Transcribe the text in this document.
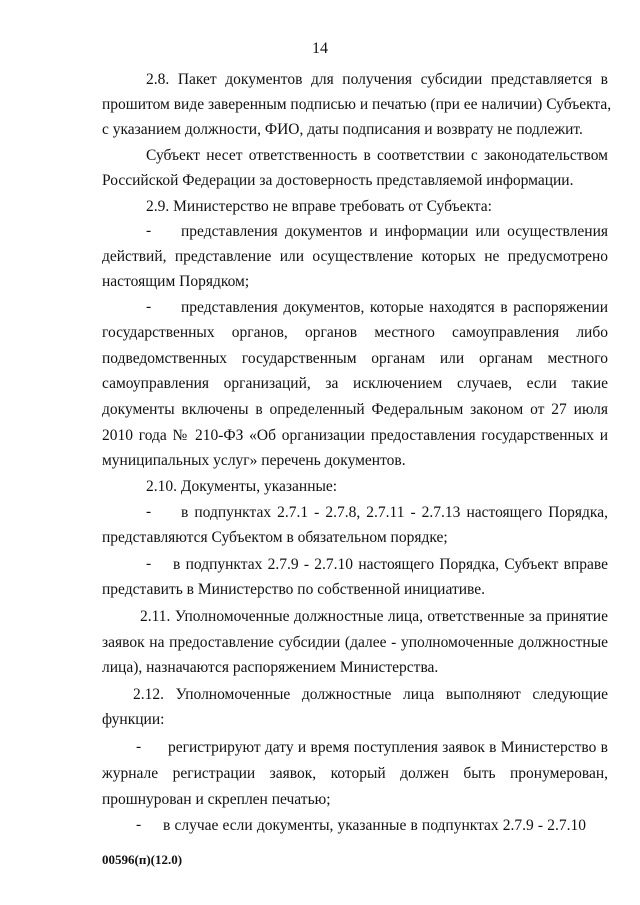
14
2.8. Пакет документов для получения субсидии представляется в
прошитом виде заверенным подписью и печатью (при ее наличии) Субъекта,
с указанием должности, ФИО, даты подписания и возврату не подлежит.
Субъект несет ответственность в соответствии с законодательством
Российской Федерации за достоверность представляемой информации.
2.9. Министерство не вправе требовать от Субъекта:
- представления документов и информации или осуществления
действий, представление или осуществление которых не предусмотрено
настоящим Порядком;
- представления документов, которые находятся в распоряжении
государственных органов, органов местного самоуправления либо
подведомственных государственным органам или органам местного
самоуправления организаций, за исключением случаев, если такие
документы включены в определенный Федеральным законом от 27 июля
2010 года № 210-ФЗ «Об организации предоставления государственных и
муниципальных услуг» перечень документов.
2.10. Документы, указанные:
- в подпунктах 2.7.1 - 2.7.8, 2.7.11 - 2.7.13 настоящего Порядка,
представляются Субъектом в обязательном порядке;
- в подпунктах 2.7.9 - 2.7.10 настоящего Порядка, Субъект вправе
представить в Министерство по собственной инициативе.
2.11. Уполномоченные должностные лица, ответственные за принятие
заявок на предоставление субсидии (далее - уполномоченные должностные
лица), назначаются распоряжением Министерства.
2.12. Уполномоченные должностные лица выполняют следующие
функции:
- регистрируют дату и время поступления заявок в Министерство в
журнале регистрации заявок, который должен быть пронумерован,
прошнурован и скреплен печатью;
- в случае если документы, указанные в подпунктах 2.7.9 - 2.7.10
00596(п)(12.0)
